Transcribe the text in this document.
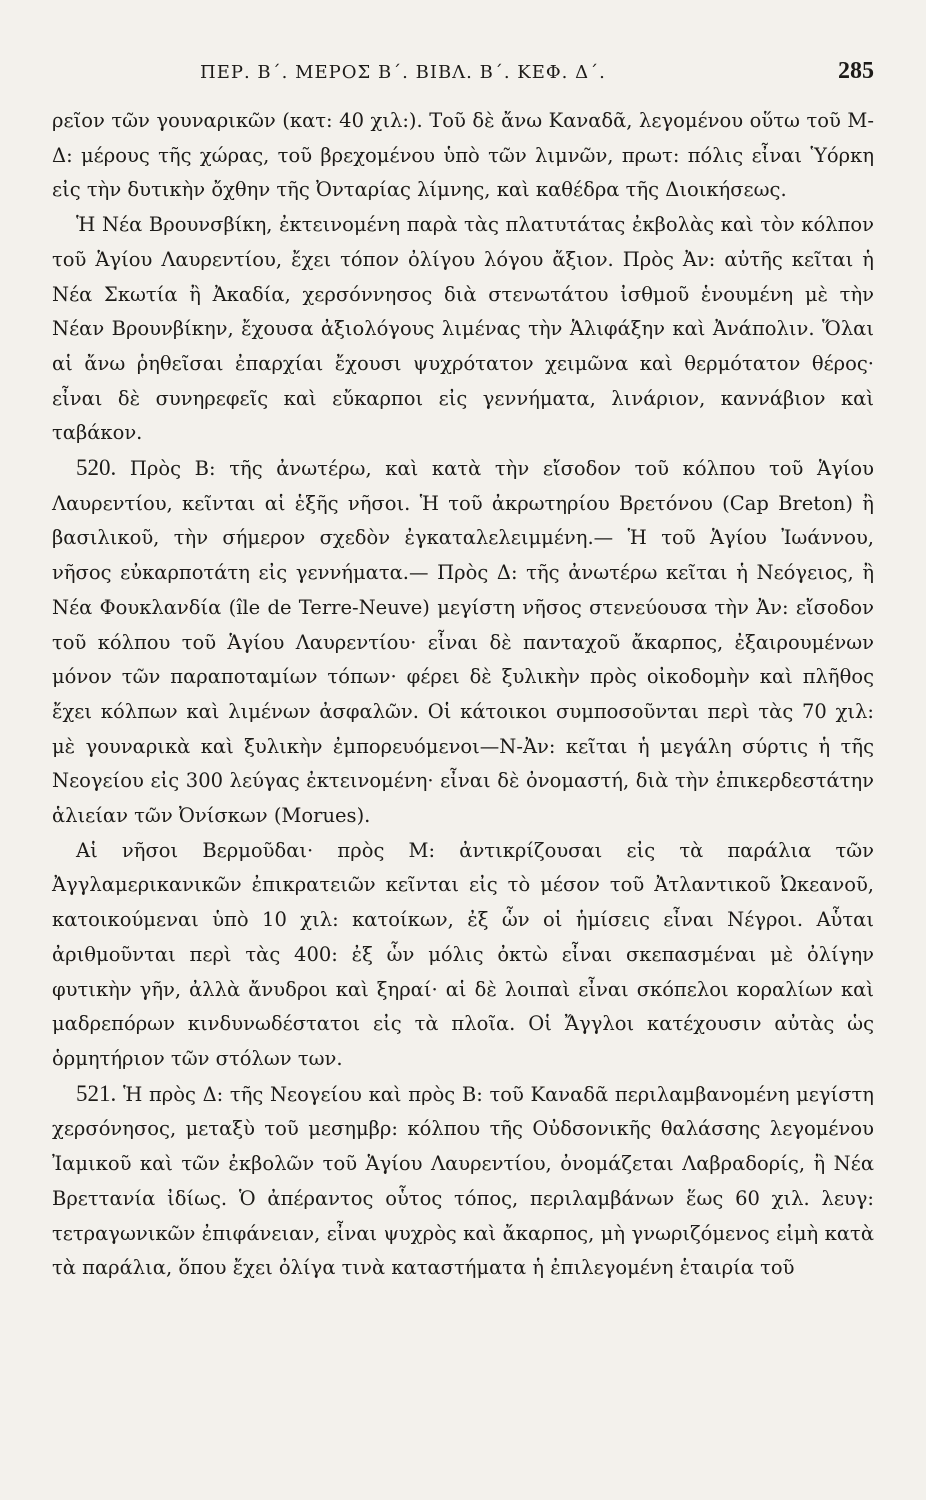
ΠΕΡ. Β΄. ΜΕΡΟΣ Β΄. ΒΙΒΛ. Β΄. ΚΕΦ. Δ΄.	285

ρεῖον τῶν γουναρικῶν (κατ: 40 χιλ:). Τοῦ δὲ ἄνω Καναδᾶ, λεγομένου οὕτω τοῦ Μ-Δ: μέρους τῆς χώρας, τοῦ βρεχομένου ὑπὸ τῶν λιμνῶν, πρωτ: πόλις εἶναι Ὑόρκη εἰς τὴν δυτικὴν ὄχθην τῆς Ὀνταρίας λίμνης, καὶ καθέδρα τῆς Διοικήσεως.

Ἡ Νέα Βρουνσβίκη, ἐκτεινομένη παρὰ τὰς πλατυτάτας ἐκβολὰς καὶ τὸν κόλπον τοῦ Ἁγίου Λαυρεντίου, ἔχει τόπον ὀλίγου λόγου ἄξιον. Πρὸς Ἀν: αὐτῆς κεῖται ἡ Νέα Σκωτία ἢ Ἀκαδία, χερσόννησος διὰ στενωτάτου ἰσθμοῦ ἑνουμένη μὲ τὴν Νέαν Βρουνβίκην, ἔχουσα ἀξιολόγους λιμένας τὴν Ἁλιφάξην καὶ Ἀνάπολιν. Ὅλαι αἱ ἄνω ῥηθεῖσαι ἐπαρχίαι ἔχουσι ψυχρότατον χειμῶνα καὶ θερμότατον θέρος· εἶναι δὲ συνηρεφεῖς καὶ εὔκαρποι εἰς γεννήματα, λινάριον, καννάβιον καὶ ταβάκον.

520. Πρὸς Β: τῆς ἀνωτέρω, καὶ κατὰ τὴν εἴσοδον τοῦ κόλπου τοῦ Ἁγίου Λαυρεντίου, κεῖνται αἱ ἑξῆς νῆσοι. Ἡ τοῦ ἀκρωτηρίου Βρετόνου (Cap Breton) ἢ βασιλικοῦ, τὴν σήμερον σχεδὸν ἐγκαταλελειμμένη.— Ἡ τοῦ Ἁγίου Ἰωάννου, νῆσος εὐκαρποτάτη εἰς γεννήματα.— Πρὸς Δ: τῆς ἀνωτέρω κεῖται ἡ Νεόγειος, ἢ Νέα Φουκλανδία (île de Terre-Neuve) μεγίστη νῆσος στενεύουσα τὴν Ἀν: εἴσοδον τοῦ κόλπου τοῦ Ἁγίου Λαυρεντίου· εἶναι δὲ πανταχοῦ ἄκαρπος, ἐξαιρουμένων μόνον τῶν παραποταμίων τόπων· φέρει δὲ ξυλικὴν πρὸς οἰκοδομὴν καὶ πλῆθος ἔχει κόλπων καὶ λιμένων ἀσφαλῶν. Οἱ κάτοικοι συμποσοῦνται περὶ τὰς 70 χιλ: μὲ γουναρικὰ καὶ ξυλικὴν ἐμπορευόμενοι—Ν-Ἀν: κεῖται ἡ μεγάλη σύρτις ἡ τῆς Νεογείου εἰς 300 λεύγας ἐκτεινομένη· εἶναι δὲ ὀνομαστή, διὰ τὴν ἐπικερδεστάτην ἁλιείαν τῶν Ὀνίσκων (Morues).

Αἱ νῆσοι Βερμοῦδαι· πρὸς Μ: ἀντικρίζουσαι εἰς τὰ παράλια τῶν Ἀγγλαμερικανικῶν ἐπικρατειῶν κεῖνται εἰς τὸ μέσον τοῦ Ἀτλαντικοῦ Ὠκεανοῦ, κατοικούμεναι ὑπὸ 10 χιλ: κατοίκων, ἐξ ὧν οἱ ἡμίσεις εἶναι Νέγροι. Αὗται ἀριθμοῦνται περὶ τὰς 400: ἐξ ὧν μόλις ὀκτὼ εἶναι σκεπασμέναι μὲ ὀλίγην φυτικὴν γῆν, ἀλλὰ ἄνυδροι καὶ ξηραί· αἱ δὲ λοιπαὶ εἶναι σκόπελοι κοραλίων καὶ μαδρεπόρων κινδυνωδέστατοι εἰς τὰ πλοῖα. Οἱ Ἄγγλοι κατέχουσιν αὐτὰς ὡς ὁρμητήριον τῶν στόλων των.

521. Ἡ πρὸς Δ: τῆς Νεογείου καὶ πρὸς Β: τοῦ Καναδᾶ περιλαμβανομένη μεγίστη χερσόνησος, μεταξὺ τοῦ μεσημβρ: κόλπου τῆς Οὐδσονικῆς θαλάσσης λεγομένου Ἰαμικοῦ καὶ τῶν ἐκβολῶν τοῦ Ἁγίου Λαυρεντίου, ὀνομάζεται Λαβραδορίς, ἢ Νέα Βρεττανία ἰδίως. Ὁ ἀπέραντος οὗτος τόπος, περιλαμβάνων ἕως 60 χιλ. λευγ: τετραγωνικῶν ἐπιφάνειαν, εἶναι ψυχρὸς καὶ ἄκαρπος, μὴ γνωριζόμενος εἰμὴ κατὰ τὰ παράλια, ὅπου ἔχει ὀλίγα τινὰ καταστήματα ἡ ἐπιλεγομένη ἑταιρία τοῦ
